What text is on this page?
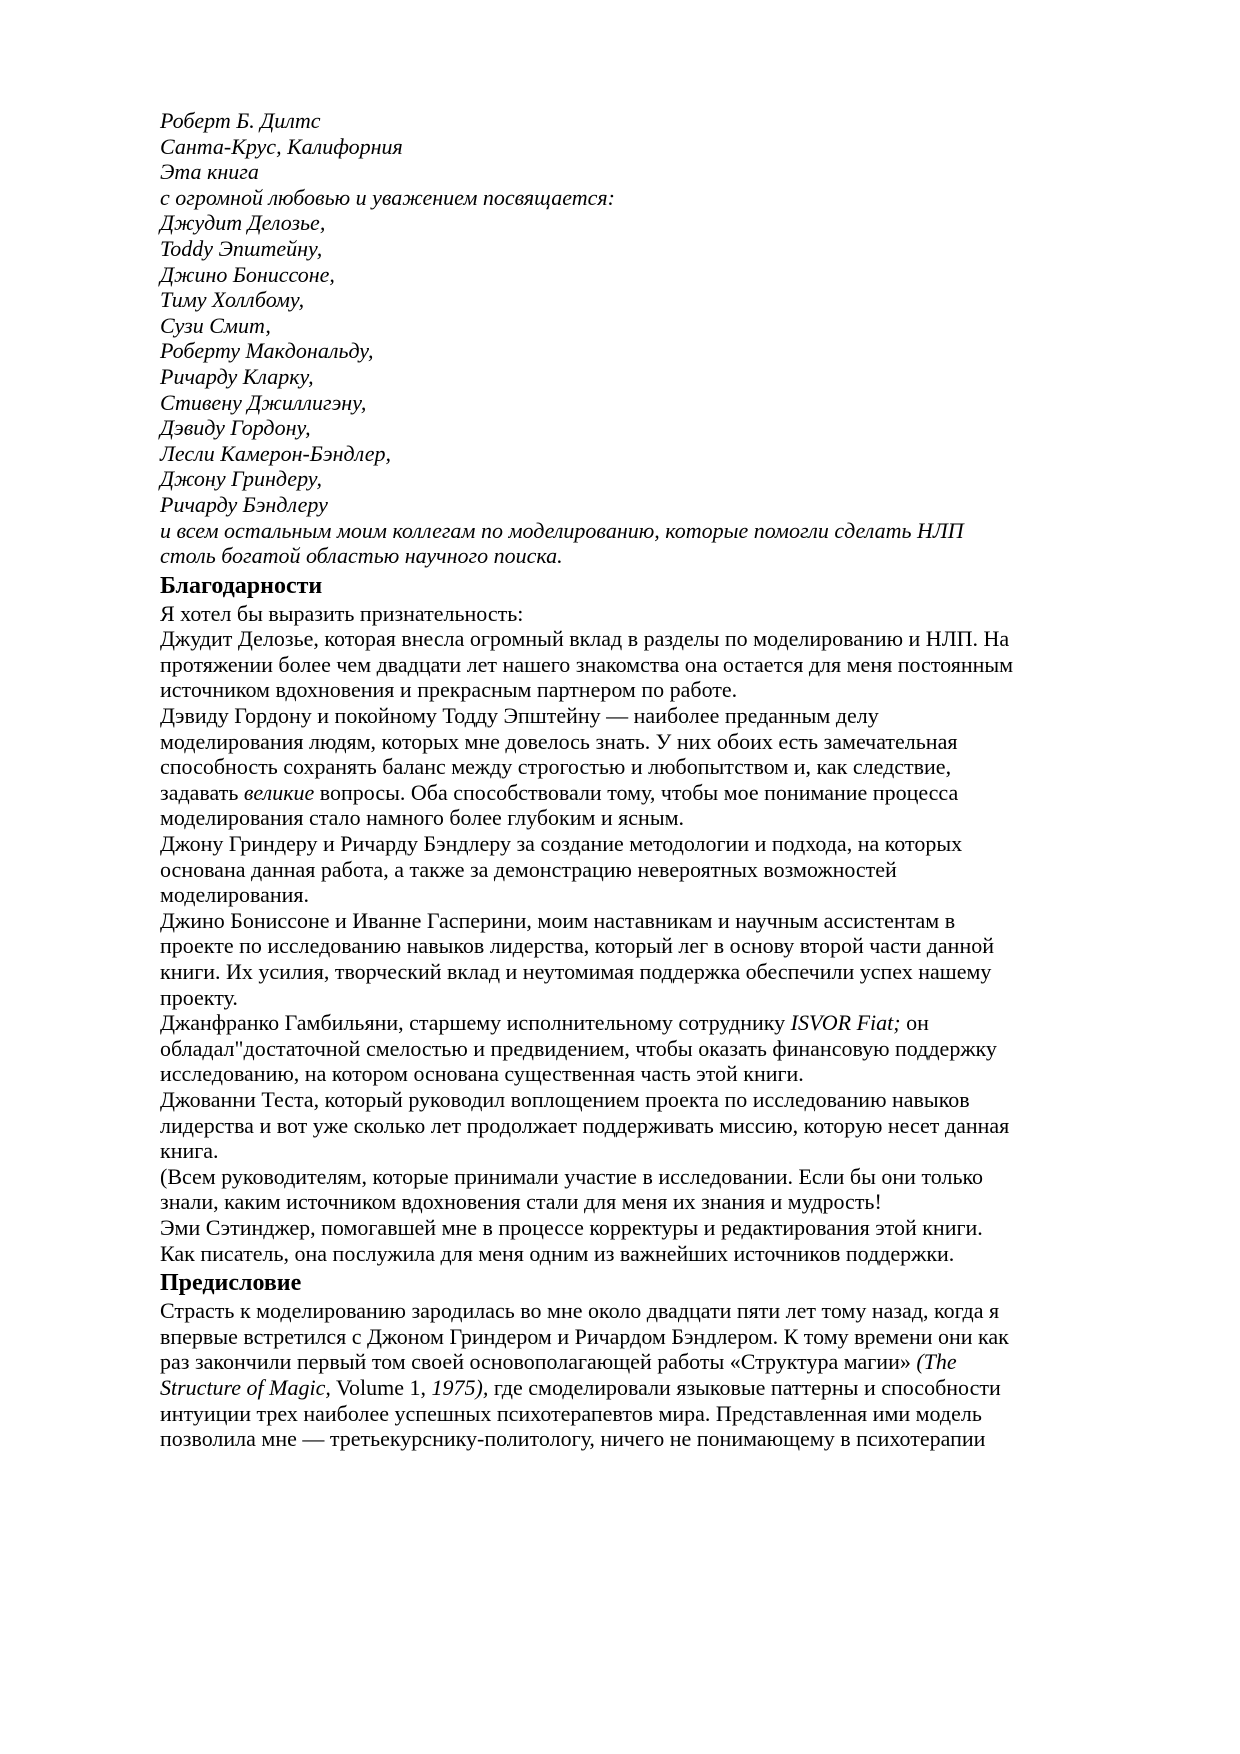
Роберт Б. Дилтс
Санта-Крус, Калифорния
Эта книга
с огромной любовью и уважением посвящается:
Джудит Делозье,
Toddy Эпштейну,
Джино Бониссоне,
Тиму Холлбому,
Сузи Смит,
Роберту Макдональду,
Ричарду Кларку,
Стивену Джиллигэну,
Дэвиду Гордону,
Лесли Камерон-Бэндлер,
Джону Гриндеру,
Ричарду Бэндлеру
и всем остальным моим коллегам по моделированию, которые помогли сделать НЛП
столь богатой областью научного поиска.
Благодарности
Я хотел бы выразить признательность:
Джудит Делозье, которая внесла огромный вклад в разделы по моделированию и НЛП. На
протяжении более чем двадцати лет нашего знакомства она остается для меня постоянным
источником вдохновения и прекрасным партнером по работе.
Дэвиду Гордону и покойному Тодду Эпштейну — наиболее преданным делу
моделирования людям, которых мне довелось знать. У них обоих есть замечательная
способность сохранять баланс между строгостью и любопытством и, как следствие,
задавать великие вопросы. Оба способствовали тому, чтобы мое понимание процесса
моделирования стало намного более глубоким и ясным.
Джону Гриндеру и Ричарду Бэндлеру за создание методологии и подхода, на которых
основана данная работа, а также за демонстрацию невероятных возможностей
моделирования.
Джино Бониссоне и Иванне Гасперини, моим наставникам и научным ассистентам в
проекте по исследованию навыков лидерства, который лег в основу второй части данной
книги. Их усилия, творческий вклад и неутомимая поддержка обеспечили успех нашему
проекту.
Джанфранко Гамбильяни, старшему исполнительному сотруднику ISVOR Fiat; он
обладал"достаточной смелостью и предвидением, чтобы оказать финансовую поддержку
исследованию, на котором основана существенная часть этой книги.
Джованни Теста, который руководил воплощением проекта по исследованию навыков
лидерства и вот уже сколько лет продолжает поддерживать миссию, которую несет данная
книга.
(Всем руководителям, которые принимали участие в исследовании. Если бы они только
знали, каким источником вдохновения стали для меня их знания и мудрость!
Эми Сэтинджер, помогавшей мне в процессе корректуры и редактирования этой книги.
Как писатель, она послужила для меня одним из важнейших источников поддержки.
Предисловие
Страсть к моделированию зародилась во мне около двадцати пяти лет тому назад, когда я
впервые встретился с Джоном Гриндером и Ричардом Бэндлером. К тому времени они как
раз закончили первый том своей основополагающей работы «Структура магии» (The
Structure of Magic, Volume 1, 1975), где смоделировали языковые паттерны и способности
интуиции трех наиболее успешных психотерапевтов мира. Представленная ими модель
позволила мне — третьекурснику-политологу, ничего не понимающему в психотерапии
